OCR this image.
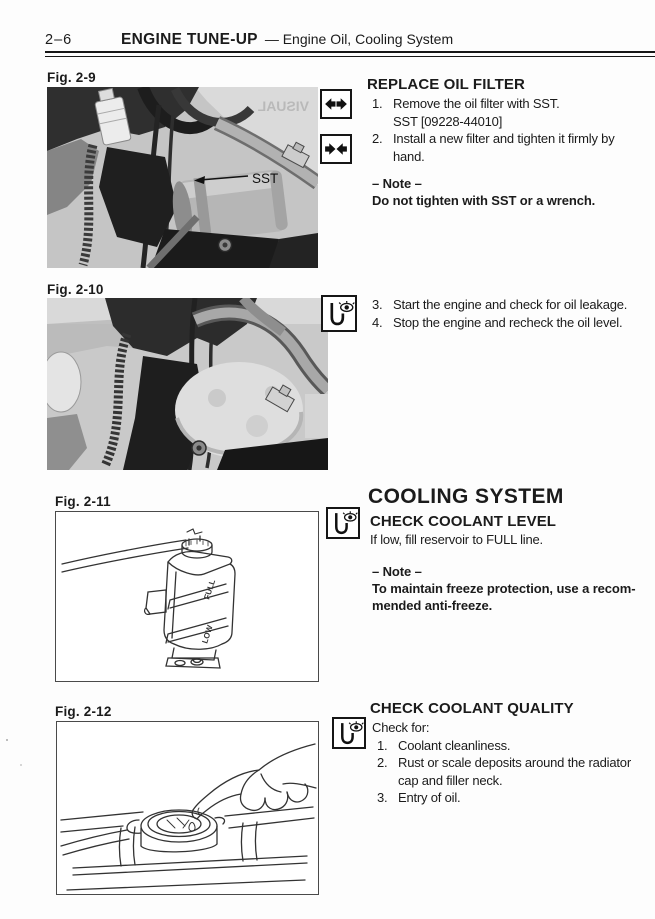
2–6	ENGINE TUNE-UP — Engine Oil, Cooling System
Fig. 2-9
VISUAL
SST
REPLACE OIL FILTER
1. Remove the oil filter with SST.
SST [09228-44010]
2. Install a new filter and tighten it firmly by
hand.
– Note –
Do not tighten with SST or a wrench.
Fig. 2-10
3. Start the engine and check for oil leakage.
4. Stop the engine and recheck the oil level.
Fig. 2-11
FULL
LOW
COOLING SYSTEM
CHECK COOLANT LEVEL
If low, fill reservoir to FULL line.
– Note –
To maintain freeze protection, use a recom-
mended anti-freeze.
Fig. 2-12	CHECK COOLANT QUALITY
Check for:
1. Coolant cleanliness.
2. Rust or scale deposits around the radiator
cap and filler neck.
3. Entry of oil.
